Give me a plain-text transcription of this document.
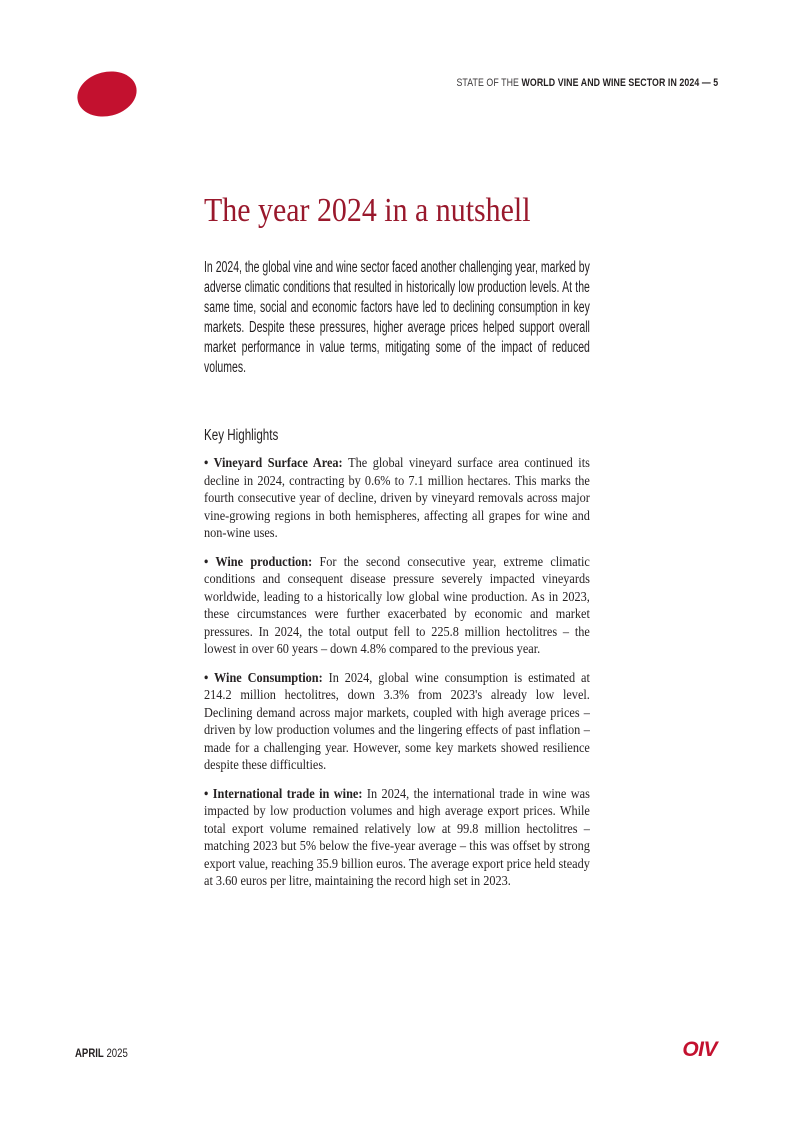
STATE OF THE WORLD VINE AND WINE SECTOR IN 2024 — 5
The year 2024 in a nutshell

In 2024, the global vine and wine sector faced another challenging year, marked by adverse climatic conditions that resulted in historically low production levels. At the same time, social and economic factors have led to declining consumption in key markets. Despite these pressures, higher average prices helped support overall market performance in value terms, mitigating some of the impact of reduced volumes.

Key Highlights

• Vineyard Surface Area: The global vineyard surface area continued its decline in 2024, contracting by 0.6% to 7.1 million hectares. This marks the fourth consecutive year of decline, driven by vineyard removals across major vine-growing regions in both hemispheres, affecting all grapes for wine and non-wine uses.

• Wine production: For the second consecutive year, extreme climatic conditions and consequent disease pressure severely impacted vineyards worldwide, leading to a historically low global wine production. As in 2023, these circumstances were further exacerbated by economic and market pressures. In 2024, the total output fell to 225.8 million hectolitres – the lowest in over 60 years – down 4.8% compared to the previous year.

• Wine Consumption: In 2024, global wine consumption is estimated at 214.2 million hectolitres, down 3.3% from 2023's already low level. Declining demand across major markets, coupled with high average prices – driven by low production volumes and the lingering effects of past inflation – made for a challenging year. However, some key markets showed resilience despite these difficulties.

• International trade in wine: In 2024, the international trade in wine was impacted by low production volumes and high average export prices. While total export volume remained relatively low at 99.8 million hectolitres – matching 2023 but 5% below the five-year average – this was offset by strong export value, reaching 35.9 billion euros. The average export price held steady at 3.60 euros per litre, maintaining the record high set in 2023.

APRIL 2025	OIV
